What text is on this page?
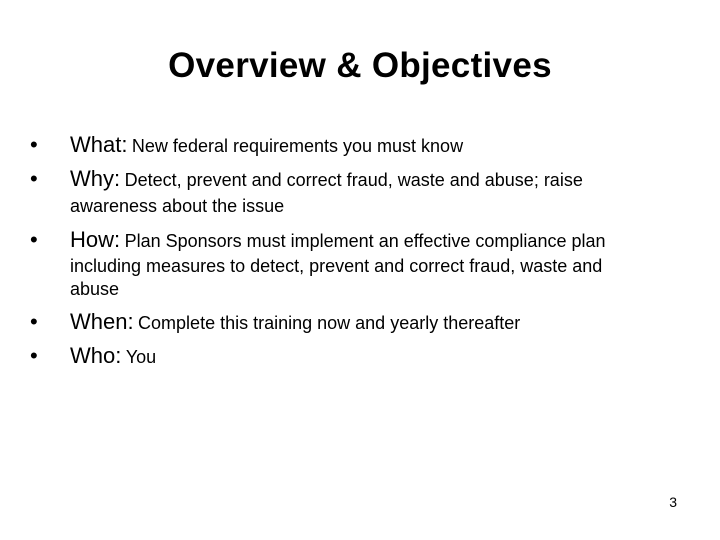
Overview & Objectives
• What: New federal requirements you must know
• Why: Detect, prevent and correct fraud, waste and abuse; raise
awareness about the issue
• How: Plan Sponsors must implement an effective compliance plan
including measures to detect, prevent and correct fraud, waste and
abuse
• When: Complete this training now and yearly thereafter
• Who: You
3
